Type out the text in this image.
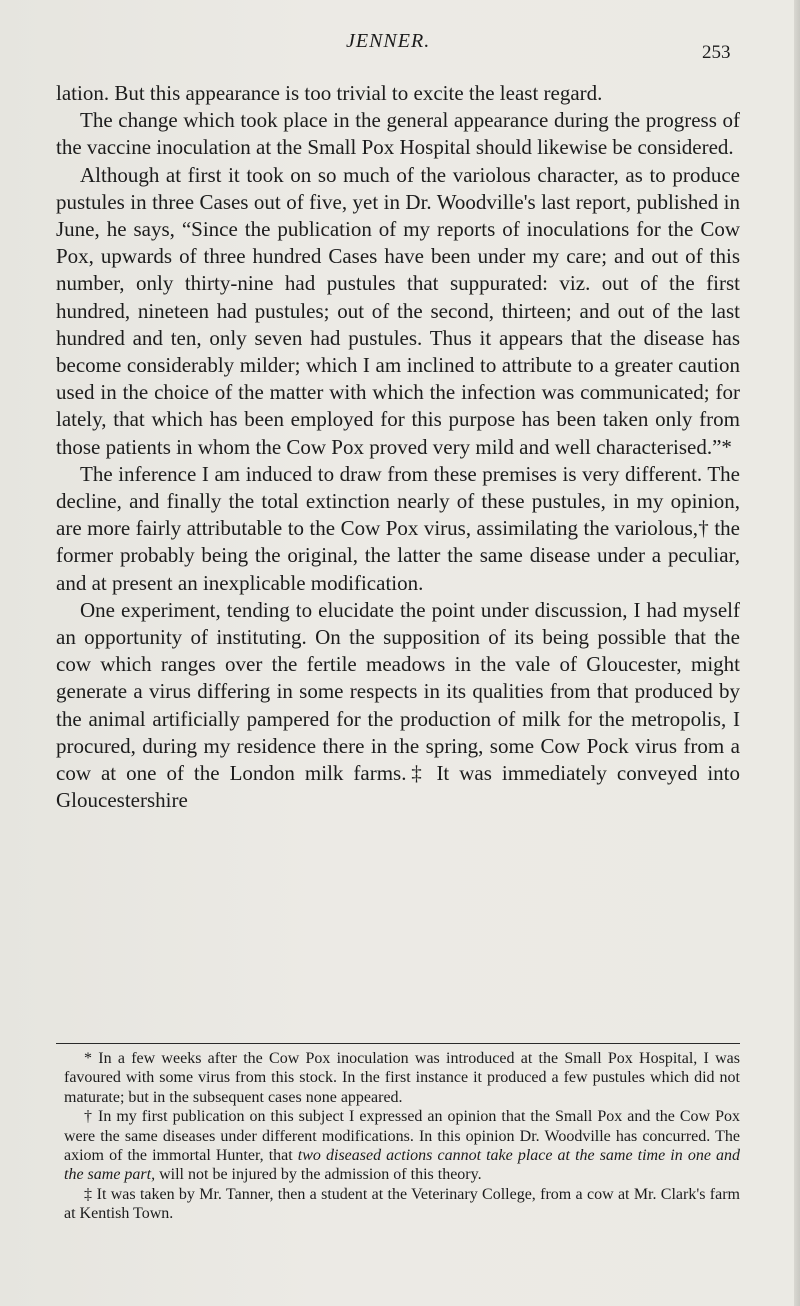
JENNER.
253

lation. But this appearance is too trivial to excite the least regard.

The change which took place in the general appearance during the progress of the vaccine inoculation at the Small Pox Hospital should likewise be considered.

Although at first it took on so much of the variolous character, as to produce pustules in three Cases out of five, yet in Dr. Woodville's last report, published in June, he says, “Since the publication of my reports of inoculations for the Cow Pox, upwards of three hundred Cases have been under my care; and out of this number, only thirty-nine had pustules that suppurated: viz. out of the first hundred, nineteen had pustules; out of the second, thirteen; and out of the last hundred and ten, only seven had pustules. Thus it appears that the disease has become considerably milder; which I am inclined to attribute to a greater caution used in the choice of the matter with which the infection was communicated; for lately, that which has been employed for this purpose has been taken only from those patients in whom the Cow Pox proved very mild and well characterised.”*

The inference I am induced to draw from these premises is very different. The decline, and finally the total extinction nearly of these pustules, in my opinion, are more fairly attributable to the Cow Pox virus, assimilating the variolous,† the former probably being the original, the latter the same disease under a peculiar, and at present an inexplicable modification.

One experiment, tending to elucidate the point under discussion, I had myself an opportunity of instituting. On the supposition of its being possible that the cow which ranges over the fertile meadows in the vale of Gloucester, might generate a virus differing in some respects in its qualities from that produced by the animal artificially pampered for the production of milk for the metropolis, I procured, during my residence there in the spring, some Cow Pock virus from a cow at one of the London milk farms.‡ It was immediately conveyed into Gloucestershire

* In a few weeks after the Cow Pox inoculation was introduced at the Small Pox Hospital, I was favoured with some virus from this stock. In the first instance it produced a few pustules which did not maturate; but in the subsequent cases none appeared.

† In my first publication on this subject I expressed an opinion that the Small Pox and the Cow Pox were the same diseases under different modifications. In this opinion Dr. Woodville has concurred. The axiom of the immortal Hunter, that two diseased actions cannot take place at the same time in one and the same part, will not be injured by the admission of this theory.

‡ It was taken by Mr. Tanner, then a student at the Veterinary College, from a cow at Mr. Clark's farm at Kentish Town.
